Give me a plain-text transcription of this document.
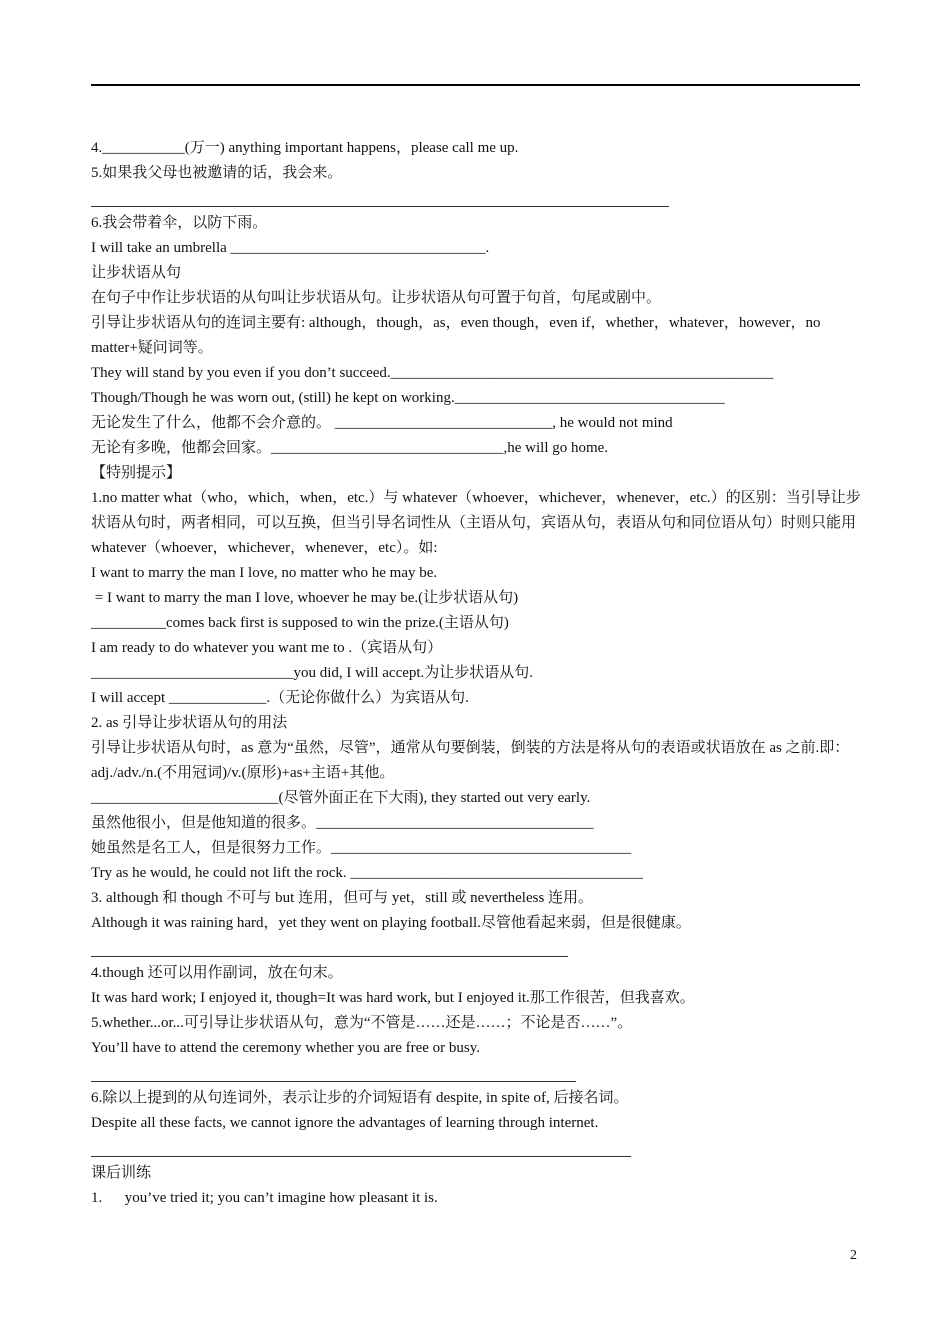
4.___________(万一) anything important happens，please call me up.

5.如果我父母也被邀请的话，我会来。

6.我会带着伞，以防下雨。

I will take an umbrella __________________________________.

让步状语从句

在句子中作让步状语的从句叫让步状语从句。让步状语从句可置于句首，句尾或剧中。

引导让步状语从句的连词主要有: although，though，as，even though，even if，whether，whatever，however，no matter+疑问词等。

They will stand by you even if you don’t succeed.___________________________________________________

Though/Though he was worn out, (still) he kept on working.____________________________________

无论发生了什么，他都不会介意的。 _____________________________, he would not mind

无论有多晚，他都会回家。_______________________________,he will go home.

【特别提示】

1.no matter what（who，which，when，etc.）与 whatever（whoever，whichever，whenever，etc.）的区别：当引导让步状语从句时，两者相同，可以互换，但当引导名词性从（主语从句，宾语从句，表语从句和同位语从句）时则只能用 whatever（whoever，whichever，whenever，etc）。如:

I want to marry the man I love, no matter who he may be.

= I want to marry the man I love, whoever he may be.(让步状语从句)

__________comes back first is supposed to win the prize.(主语从句)

I am ready to do whatever you want me to .（宾语从句）

___________________________you did, I will accept.为让步状语从句.

I will accept _____________.（无论你做什么）为宾语从句.

2. as 引导让步状语从句的用法

引导让步状语从句时，as 意为“虽然，尽管”，通常从句要倒装，倒装的方法是将从句的表语或状语放在 as 之前.即：adj./adv./n.(不用冠词)/v.(原形)+as+主语+其他。

_________________________(尽管外面正在下大雨), they started out very early.

虽然他很小，但是他知道的很多。_____________________________________

她虽然是名工人，但是很努力工作。________________________________________

Try as he would, he could not lift the rock. _______________________________________

3. although 和 though 不可与 but 连用，但可与 yet，still 或 nevertheless 连用。

Although it was raining hard，yet they went on playing football.尽管他看起来弱，但是很健康。

4.though 还可以用作副词，放在句末。

It was hard work; I enjoyed it, though=It was hard work, but I enjoyed it.那工作很苦，但我喜欢。

5.whether...or...可引导让步状语从句，意为“不管是……还是……；不论是否……”。

You’ll have to attend the ceremony whether you are free or busy.

6.除以上提到的从句连词外，表示让步的介词短语有 despite, in spite of, 后接名词。

Despite all these facts, we cannot ignore the advantages of learning through internet.

课后训练

1.      you’ve tried it; you can’t imagine how pleasant it is.

2
